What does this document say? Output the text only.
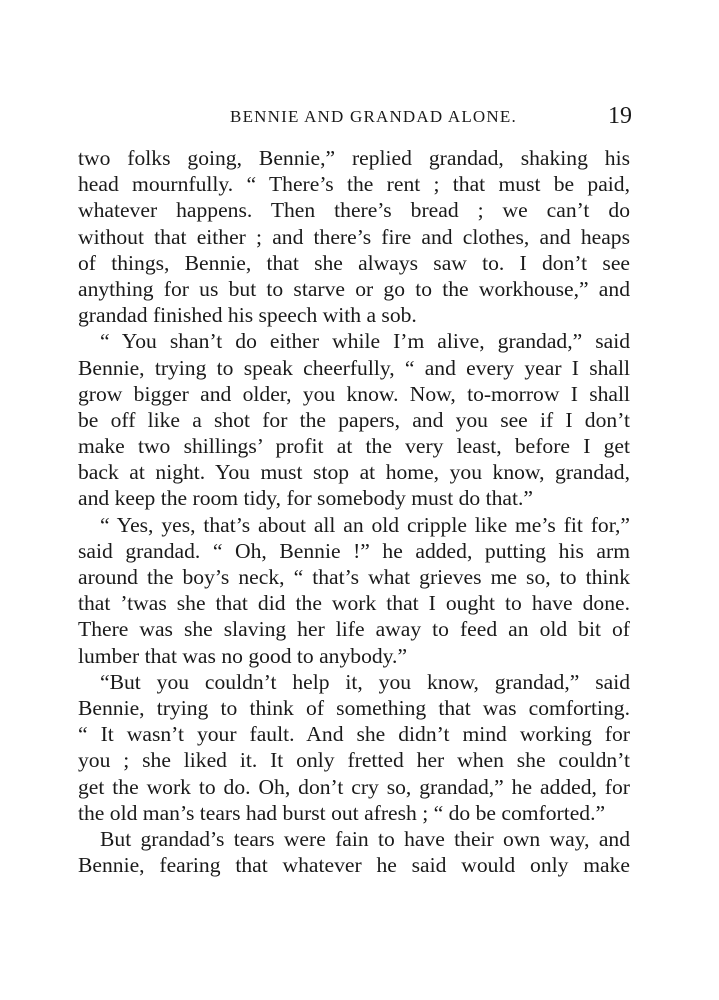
BENNIE AND GRANDAD ALONE.	19
two folks going, Bennie,” replied grandad, shaking his
head mournfully. “ There’s the rent ; that must be paid,
whatever happens. Then there’s bread ; we can’t do
without that either ; and there’s fire and clothes, and heaps
of things, Bennie, that she always saw to. I don’t see
anything for us but to starve or go to the workhouse,” and
grandad finished his speech with a sob.
“ You shan’t do either while I’m alive, grandad,” said
Bennie, trying to speak cheerfully, “ and every year I shall
grow bigger and older, you know. Now, to-morrow I shall
be off like a shot for the papers, and you see if I don’t
make two shillings’ profit at the very least, before I get
back at night. You must stop at home, you know, grandad,
and keep the room tidy, for somebody must do that.”
“ Yes, yes, that’s about all an old cripple like me’s fit for,”
said grandad. “ Oh, Bennie !” he added, putting his arm
around the boy’s neck, “ that’s what grieves me so, to think
that ’twas she that did the work that I ought to have done.
There was she slaving her life away to feed an old bit of
lumber that was no good to anybody.”
“But you couldn’t help it, you know, grandad,” said
Bennie, trying to think of something that was comforting.
“ It wasn’t your fault. And she didn’t mind working for
you ; she liked it. It only fretted her when she couldn’t
get the work to do. Oh, don’t cry so, grandad,” he added, for
the old man’s tears had burst out afresh ; “ do be comforted.”
But grandad’s tears were fain to have their own way, and
Bennie, fearing that whatever he said would only make
